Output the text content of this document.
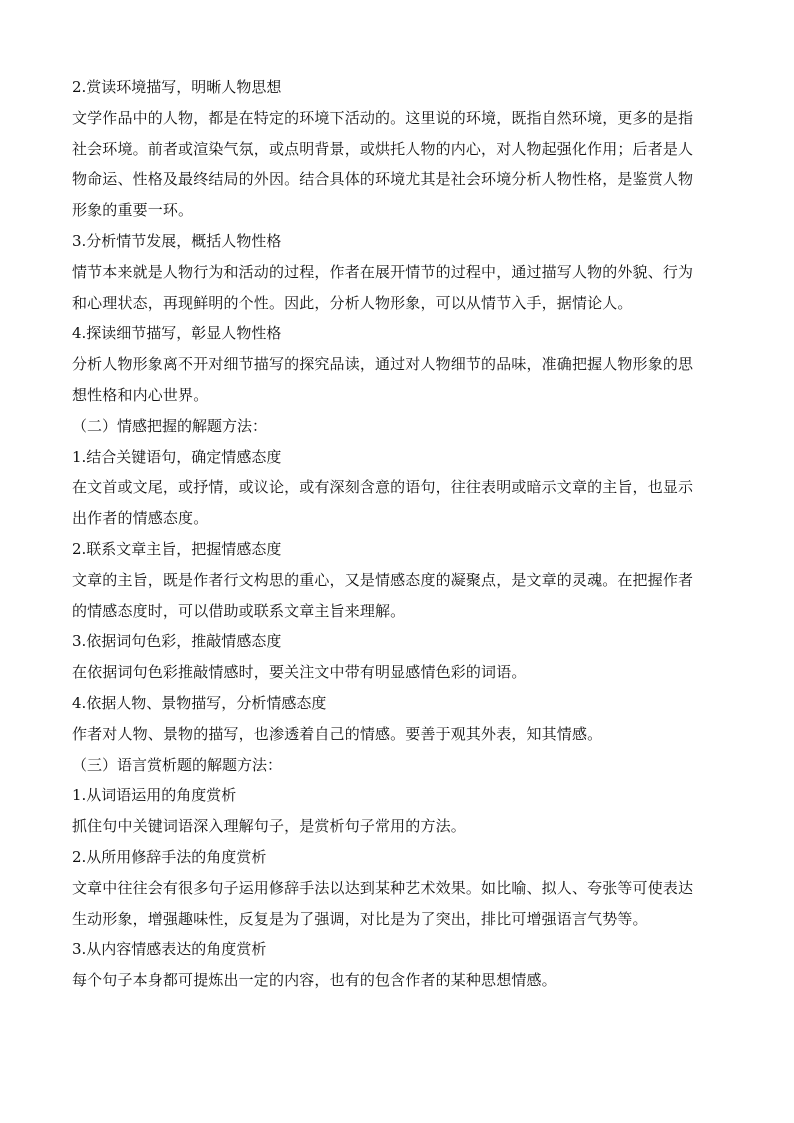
2.赏读环境描写，明晰人物思想
文学作品中的人物，都是在特定的环境下活动的。这里说的环境，既指自然环境，更多的是指
社会环境。前者或渲染气氛，或点明背景，或烘托人物的内心，对人物起强化作用；后者是人
物命运、性格及最终结局的外因。结合具体的环境尤其是社会环境分析人物性格，是鉴赏人物
形象的重要一环。
3.分析情节发展，概括人物性格
情节本来就是人物行为和活动的过程，作者在展开情节的过程中，通过描写人物的外貌、行为
和心理状态，再现鲜明的个性。因此，分析人物形象，可以从情节入手，据情论人。
4.探读细节描写，彰显人物性格
分析人物形象离不开对细节描写的探究品读，通过对人物细节的品味，准确把握人物形象的思
想性格和内心世界。
（二）情感把握的解题方法：
1.结合关键语句，确定情感态度
在文首或文尾，或抒情，或议论，或有深刻含意的语句，往往表明或暗示文章的主旨，也显示
出作者的情感态度。
2.联系文章主旨，把握情感态度
文章的主旨，既是作者行文构思的重心，又是情感态度的凝聚点，是文章的灵魂。在把握作者
的情感态度时，可以借助或联系文章主旨来理解。
3.依据词句色彩，推敲情感态度
在依据词句色彩推敲情感时，要关注文中带有明显感情色彩的词语。
4.依据人物、景物描写，分析情感态度
作者对人物、景物的描写，也渗透着自己的情感。要善于观其外表，知其情感。
（三）语言赏析题的解题方法：
1.从词语运用的角度赏析
抓住句中关键词语深入理解句子，是赏析句子常用的方法。
2.从所用修辞手法的角度赏析
文章中往往会有很多句子运用修辞手法以达到某种艺术效果。如比喻、拟人、夸张等可使表达
生动形象，增强趣味性，反复是为了强调，对比是为了突出，排比可增强语言气势等。
3.从内容情感表达的角度赏析
每个句子本身都可提炼出一定的内容，也有的包含作者的某种思想情感。
